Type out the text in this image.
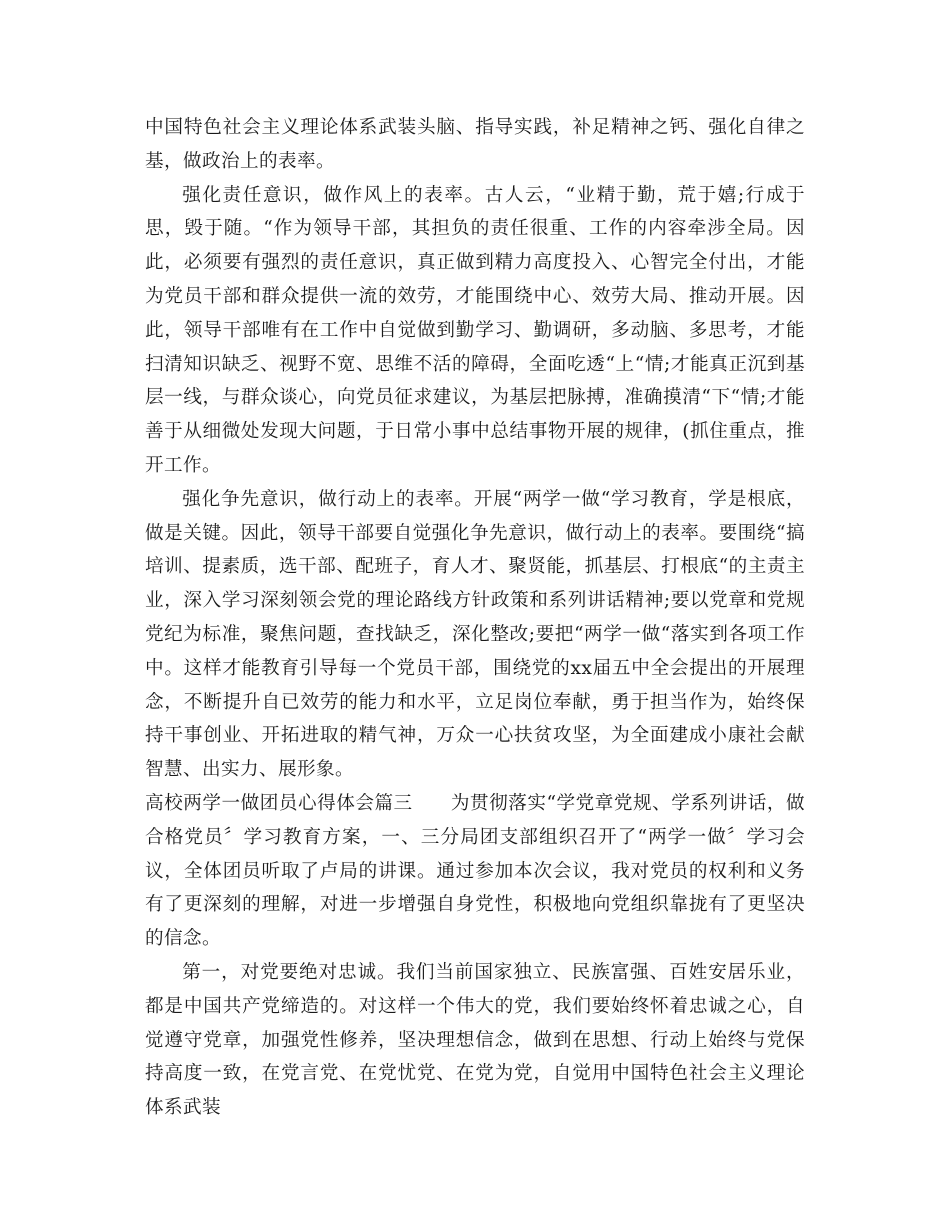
中国特色社会主义理论体系武装头脑、指导实践，补足精神之钙、强化自律之基，做政治上的表率。

强化责任意识，做作风上的表率。古人云，“业精于勤，荒于嬉;行成于思，毁于随。“作为领导干部，其担负的责任很重、工作的内容牵涉全局。因此，必须要有强烈的责任意识，真正做到精力高度投入、心智完全付出，才能为党员干部和群众提供一流的效劳，才能围绕中心、效劳大局、推动开展。因此，领导干部唯有在工作中自觉做到勤学习、勤调研，多动脑、多思考，才能扫清知识缺乏、视野不宽、思维不活的障碍，全面吃透“上“情;才能真正沉到基层一线，与群众谈心，向党员征求建议，为基层把脉搏，准确摸清“下“情;才能善于从细微处发现大问题，于日常小事中总结事物开展的规律，(抓住重点，推开工作。

强化争先意识，做行动上的表率。开展“两学一做“学习教育，学是根底，做是关键。因此，领导干部要自觉强化争先意识，做行动上的表率。要围绕“搞培训、提素质，选干部、配班子，育人才、聚贤能，抓基层、打根底“的主责主业，深入学习深刻领会党的理论路线方针政策和系列讲话精神;要以党章和党规党纪为标准，聚焦问题，查找缺乏，深化整改;要把“两学一做“落实到各项工作中。这样才能教育引导每一个党员干部，围绕党的xx届五中全会提出的开展理念，不断提升自已效劳的能力和水平，立足岗位奉献，勇于担当作为，始终保持干事创业、开拓进取的精气神，万众一心扶贫攻坚，为全面建成小康社会献智慧、出实力、展形象。

高校两学一做团员心得体会篇三　　为贯彻落实“学党章党规、学系列讲话，做合格党员〞学习教育方案，一、三分局团支部组织召开了“两学一做〞学习会议，全体团员听取了卢局的讲课。通过参加本次会议，我对党员的权利和义务有了更深刻的理解，对进一步增强自身党性，积极地向党组织靠拢有了更坚决的信念。

第一，对党要绝对忠诚。我们当前国家独立、民族富强、百姓安居乐业，都是中国共产党缔造的。对这样一个伟大的党，我们要始终怀着忠诚之心，自觉遵守党章，加强党性修养，坚决理想信念，做到在思想、行动上始终与党保持高度一致，在党言党、在党忧党、在党为党，自觉用中国特色社会主义理论体系武装
